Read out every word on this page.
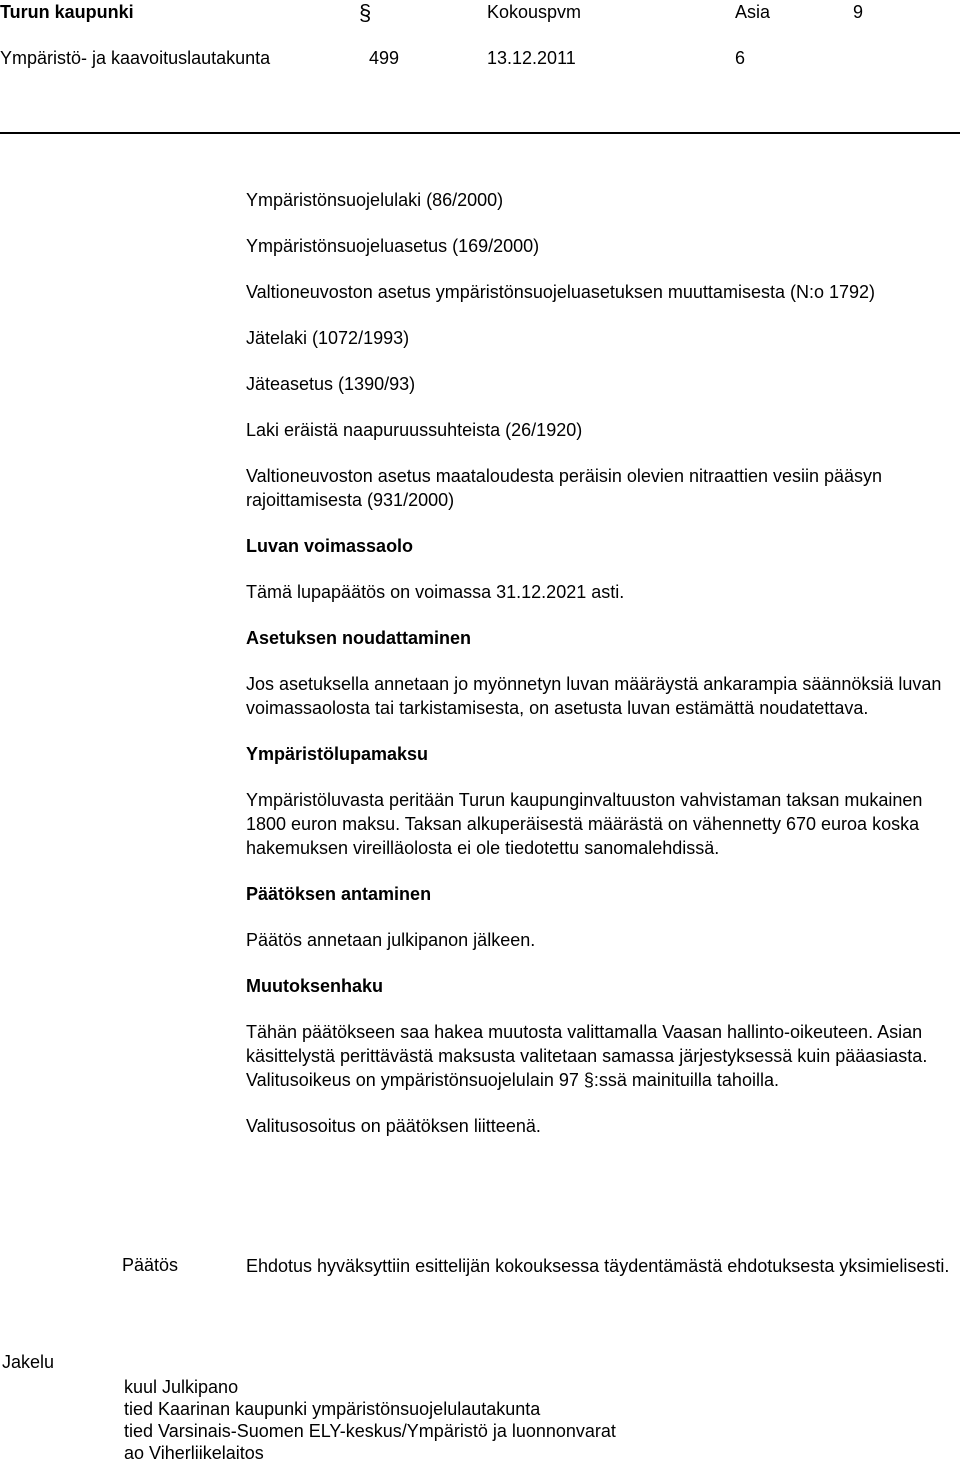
Turun kaupunki	§	Kokouspvm	Asia	9
Ympäristö- ja kaavoituslautakunta	499	13.12.2011	6

Ympäristönsuojelulaki (86/2000)

Ympäristönsuojeluasetus (169/2000)

Valtioneuvoston asetus ympäristönsuojeluasetuksen muuttamisesta (N:o 1792)

Jätelaki (1072/1993)

Jäteasetus (1390/93)

Laki eräistä naapuruussuhteista (26/1920)

Valtioneuvoston asetus maataloudesta peräisin olevien nitraattien vesiin pääsyn rajoittamisesta (931/2000)

Luvan voimassaolo

Tämä lupapäätös on voimassa 31.12.2021 asti.

Asetuksen noudattaminen

Jos asetuksella annetaan jo myönnetyn luvan määräystä ankarampia säännöksiä luvan voimassaolosta tai tarkistamisesta, on asetusta luvan estämättä noudatettava.

Ympäristölupamaksu

Ympäristöluvasta peritään Turun kaupunginvaltuuston vahvistaman taksan mukainen 1800 euron maksu. Taksan alkuperäisestä määrästä on vähennetty 670 euroa koska hakemuksen vireilläolosta ei ole tiedotettu sanomalehdissä.

Päätöksen antaminen

Päätös annetaan julkipanon jälkeen.

Muutoksenhaku

Tähän päätökseen saa hakea muutosta valittamalla Vaasan hallinto-oikeuteen. Asian käsittelystä perittävästä maksusta valitetaan samassa järjestyksessä kuin pääasiasta. Valitusoikeus on ympäristönsuojelulain 97 §:ssä mainituilla tahoilla.

Valitusosoitus on päätöksen liitteenä.

Päätös	Ehdotus hyväksyttiin esittelijän kokouksessa täydentämästä ehdotuksesta yksimielisesti.
Jakelu
kuul Julkipano
tied Kaarinan kaupunki ympäristönsuojelulautakunta
tied Varsinais-Suomen ELY-keskus/Ympäristö ja luonnonvarat
ao Viherliikelaitos
